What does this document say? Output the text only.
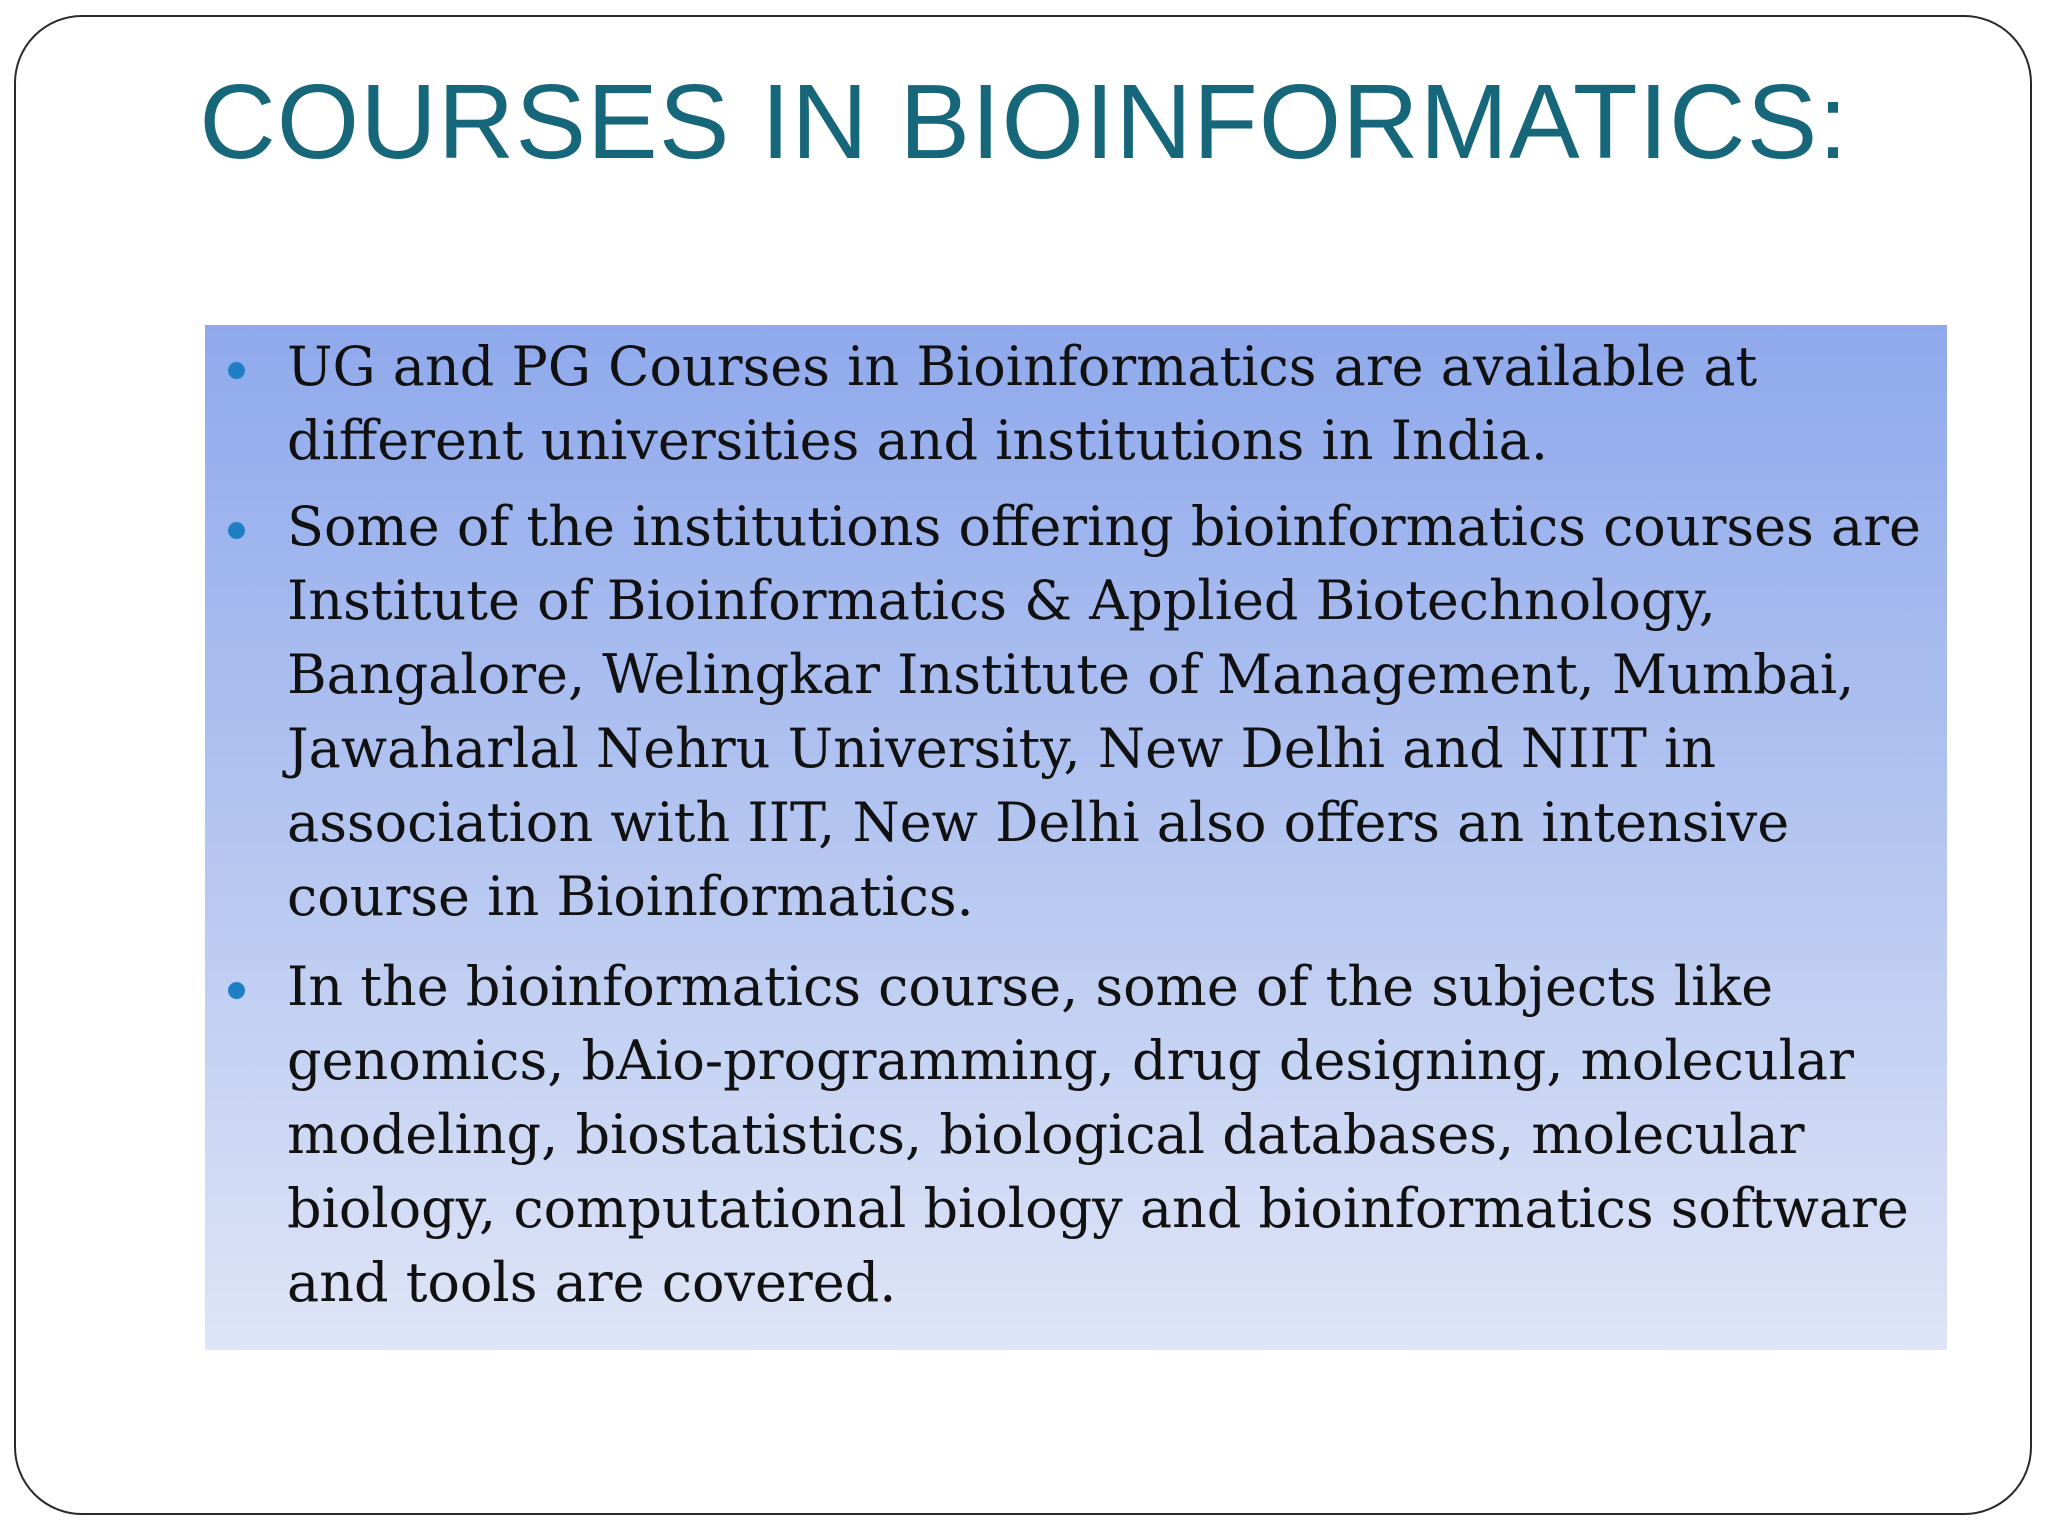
COURSES IN BIOINFORMATICS:
UG and PG Courses in Bioinformatics are available at different universities and institutions in India.
Some of the institutions offering bioinformatics courses are Institute of Bioinformatics & Applied Biotechnology, Bangalore, Welingkar Institute of Management, Mumbai, Jawaharlal Nehru University, New Delhi and NIIT in association with IIT, New Delhi also offers an intensive course in Bioinformatics.
In the bioinformatics course, some of the subjects like genomics, bAio-programming, drug designing, molecular modeling, biostatistics, biological databases, molecular biology, computational biology and bioinformatics software and tools are covered.
